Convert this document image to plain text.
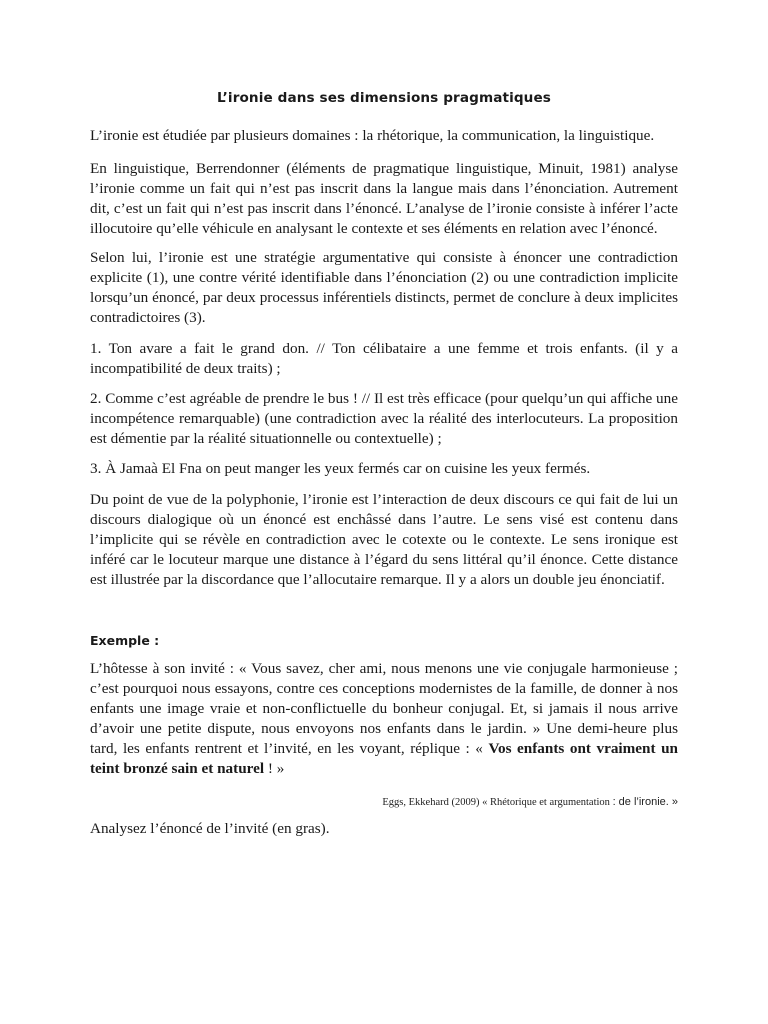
L’ironie dans ses dimensions pragmatiques

L’ironie est étudiée par plusieurs domaines : la rhétorique, la communication, la linguistique.

En linguistique, Berrendonner (éléments de pragmatique linguistique, Minuit, 1981) analyse l’ironie comme un fait qui n’est pas inscrit dans la langue mais dans l’énonciation. Autrement dit, c’est un fait qui n’est pas inscrit dans l’énoncé. L’analyse de l’ironie consiste à inférer l’acte illocutoire qu’elle véhicule en analysant le contexte et ses éléments en relation avec l’énoncé.

Selon lui, l’ironie est une stratégie argumentative qui consiste à énoncer une contradiction explicite (1), une contre vérité identifiable dans l’énonciation (2) ou une contradiction implicite lorsqu’un énoncé, par deux processus inférentiels distincts, permet de conclure à deux implicites contradictoires (3).

1. Ton avare a fait le grand don. // Ton célibataire a une femme et trois enfants. (il y a incompatibilité de deux traits) ;

2. Comme c’est agréable de prendre le bus ! // Il est très efficace (pour quelqu’un qui affiche une incompétence remarquable) (une contradiction avec la réalité des interlocuteurs. La proposition est démentie par la réalité situationnelle ou contextuelle) ;

3. À Jamaà El Fna on peut manger les yeux fermés car on cuisine les yeux fermés.

Du point de vue de la polyphonie, l’ironie est l’interaction de deux discours ce qui fait de lui un discours dialogique où un énoncé est enchâssé dans l’autre. Le sens visé est contenu dans l’implicite qui se révèle en contradiction avec le cotexte ou le contexte. Le sens ironique est inféré car le locuteur marque une distance à l’égard du sens littéral qu’il énonce. Cette distance est illustrée par la discordance que l’allocutaire remarque. Il y a alors un double jeu énonciatif.

Exemple :

L’hôtesse à son invité : « Vous savez, cher ami, nous menons une vie conjugale harmonieuse ; c’est pourquoi nous essayons, contre ces conceptions modernistes de la famille, de donner à nos enfants une image vraie et non-conflictuelle du bonheur conjugal. Et, si jamais il nous arrive d’avoir une petite dispute, nous envoyons nos enfants dans le jardin. » Une demi-heure plus tard, les enfants rentrent et l’invité, en les voyant, réplique : « Vos enfants ont vraiment un teint bronzé sain et naturel ! »

Eggs, Ekkehard (2009) « Rhétorique et argumentation : de l’ironie. »

Analysez l’énoncé de l’invité (en gras).
